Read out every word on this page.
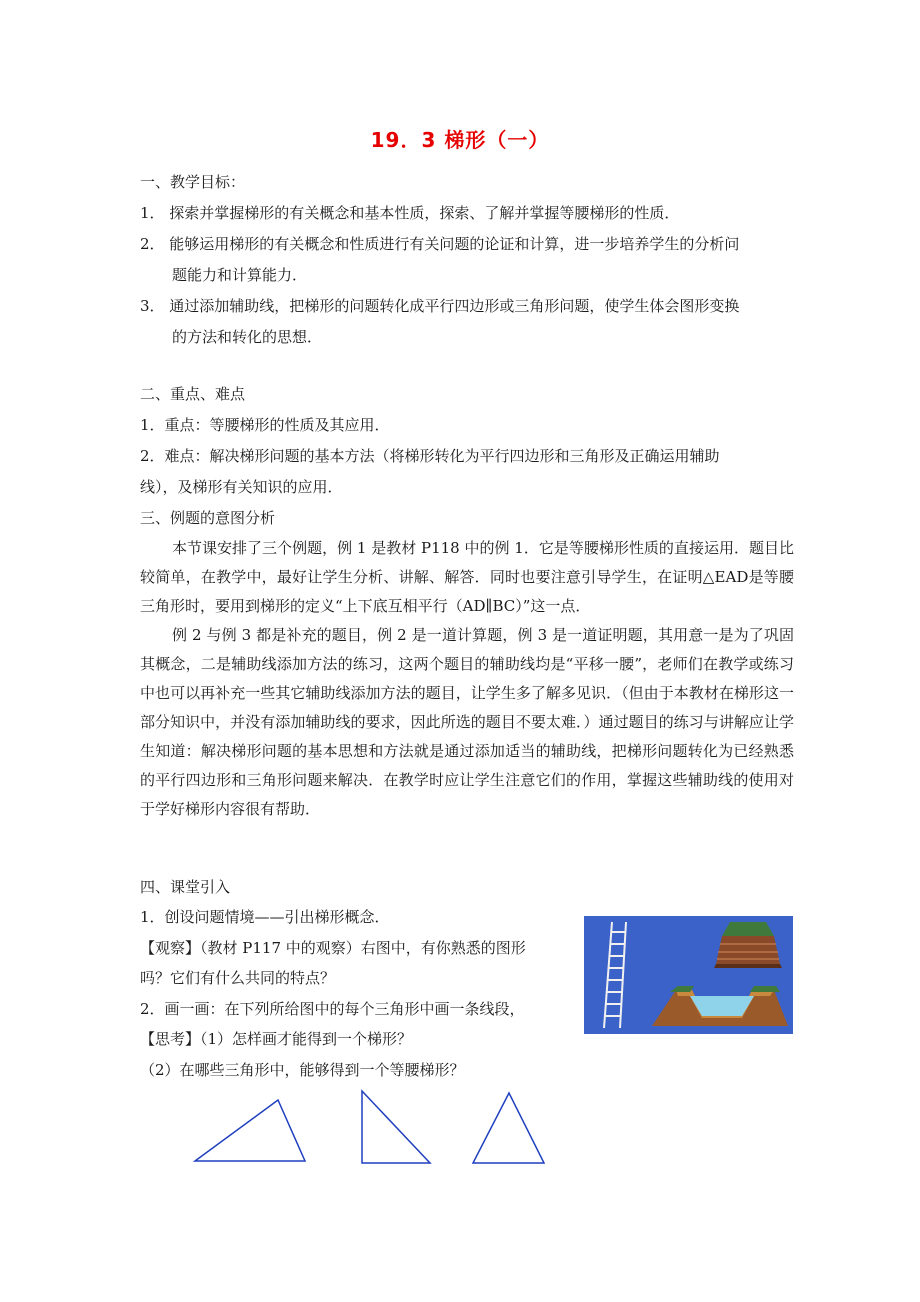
19．3 梯形（一）
一、教学目标：
1． 探索并掌握梯形的有关概念和基本性质，探索、了解并掌握等腰梯形的性质．
2． 能够运用梯形的有关概念和性质进行有关问题的论证和计算，进一步培养学生的分析问
题能力和计算能力．
3． 通过添加辅助线，把梯形的问题转化成平行四边形或三角形问题，使学生体会图形变换
的方法和转化的思想．
二、重点、难点
1．重点：等腰梯形的性质及其应用．
2．难点：解决梯形问题的基本方法（将梯形转化为平行四边形和三角形及正确运用辅助
线），及梯形有关知识的应用．
三、例题的意图分析

本节课安排了三个例题，例 1 是教材 P118 中的例 1．它是等腰梯形性质的直接运用．题目比较简单，在教学中，最好让学生分析、讲解、解答．同时也要注意引导学生，在证明△EAD是等腰三角形时，要用到梯形的定义“上下底互相平行（AD∥BC）”这一点．

例 2 与例 3 都是补充的题目，例 2 是一道计算题，例 3 是一道证明题，其用意一是为了巩固其概念，二是辅助线添加方法的练习，这两个题目的辅助线均是“平移一腰”，老师们在教学或练习中也可以再补充一些其它辅助线添加方法的题目，让学生多了解多见识．（但由于本教材在梯形这一部分知识中，并没有添加辅助线的要求，因此所选的题目不要太难．）通过题目的练习与讲解应让学生知道：解决梯形问题的基本思想和方法就是通过添加适当的辅助线，把梯形问题转化为已经熟悉的平行四边形和三角形问题来解决．在教学时应让学生注意它们的作用，掌握这些辅助线的使用对于学好梯形内容很有帮助．

四、课堂引入
1．创设问题情境——引出梯形概念．
【观察】（教材 P117 中的观察）右图中，有你熟悉的图形
吗？它们有什么共同的特点？
2．画一画：在下列所给图中的每个三角形中画一条线段，
【思考】（1）怎样画才能得到一个梯形？
（2）在哪些三角形中，能够得到一个等腰梯形？
